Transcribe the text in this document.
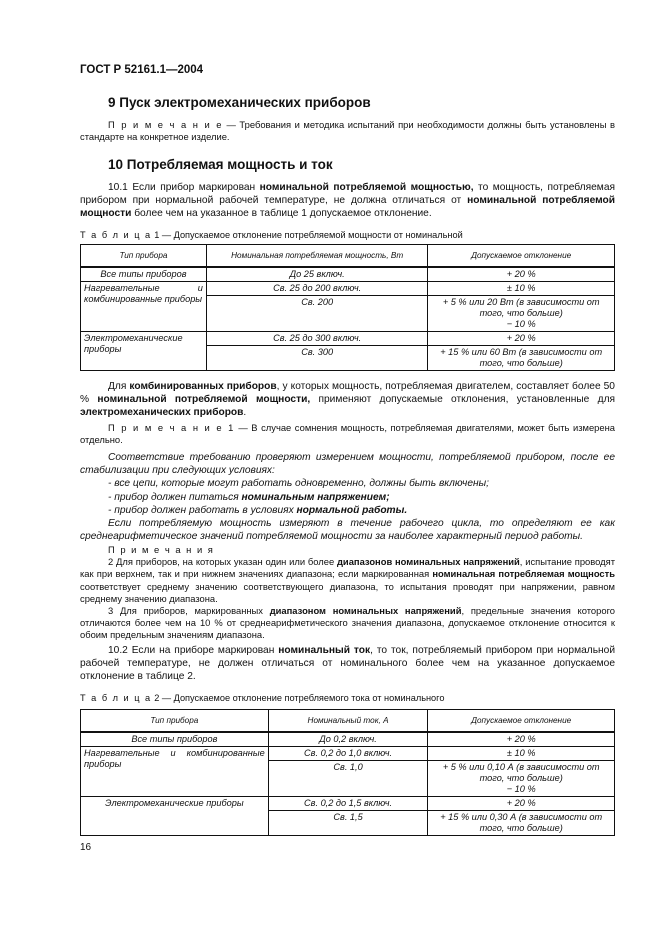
ГОСТ Р 52161.1—2004
9 Пуск электромеханических приборов
П р и м е ч а н и е — Требования и методика испытаний при необходимости должны быть установлены в стандарте на конкретное изделие.
10 Потребляемая мощность и ток
10.1 Если прибор маркирован номинальной потребляемой мощностью, то мощность, потребляемая прибором при нормальной рабочей температуре, не должна отличаться от номинальной потребляемой мощности более чем на указанное в таблице 1 допускаемое отклонение.
Т а б л и ц а 1 — Допускаемое отклонение потребляемой мощности от номинальной
Тип прибора	Номинальная потребляемая мощность, Вт	Допускаемое отклонение
Все типы приборов	До 25 включ.	+ 20 %
Нагревательные и комбинированные приборы	Св. 25 до 200 включ.	± 10 %
	Св. 200	+ 5 % или 20 Вт (в зависимости от того, что больше)
− 10 %

Электромеханические приборы	Св. 25 до 300 включ.	+ 20 %
	Св. 300	+ 15 % или 60 Вт (в зависимости от того, что больше)
Для комбинированных приборов, у которых мощность, потребляемая двигателем, составляет более 50 % номинальной потребляемой мощности, применяют допускаемые отклонения, установленные для электромеханических приборов.
П р и м е ч а н и е 1 — В случае сомнения мощность, потребляемая двигателями, может быть измерена отдельно.
Соответствие требованию проверяют измерением мощности, потребляемой прибором, после ее стабилизации при следующих условиях:
- все цепи, которые могут работать одновременно, должны быть включены;
- прибор должен питаться номинальным напряжением;
- прибор должен работать в условиях нормальной работы.
Если потребляемую мощность измеряют в течение рабочего цикла, то определяют ее как среднеарифметическое значений потребляемой мощности за наиболее характерный период работы.
П р и м е ч а н и я
2 Для приборов, на которых указан один или более диапазонов номинальных напряжений, испытание проводят как при верхнем, так и при нижнем значениях диапазона; если маркированная номинальная потребляемая мощность соответствует среднему значению соответствующего диапазона, то испытания проводят при напряжении, равном среднему значению диапазона.
3 Для приборов, маркированных диапазоном номинальных напряжений, предельные значения которого отличаются более чем на 10 % от среднеарифметического значения диапазона, допускаемое отклонение относится к обоим предельным значениям диапазона.
10.2 Если на приборе маркирован номинальный ток, то ток, потребляемый прибором при нормальной рабочей температуре, не должен отличаться от номинального более чем на указанное допускаемое отклонение в таблице 2.
Т а б л и ц а 2 — Допускаемое отклонение потребляемого тока от номинального
Тип прибора	Номинальный ток, А	Допускаемое отклонение
Все типы приборов	До 0,2 включ.	+ 20 %
Нагревательные и комбинированные приборы	Св. 0,2 до 1,0 включ.	± 10 %
	Св. 1,0	+ 5 % или 0,10 А (в зависимости от того, что больше)
− 10 %

Электромеханические приборы	Св. 0,2 до 1,5 включ.	+ 20 %
	Св. 1,5	+ 15 % или 0,30 А (в зависимости от того, что больше)
16
